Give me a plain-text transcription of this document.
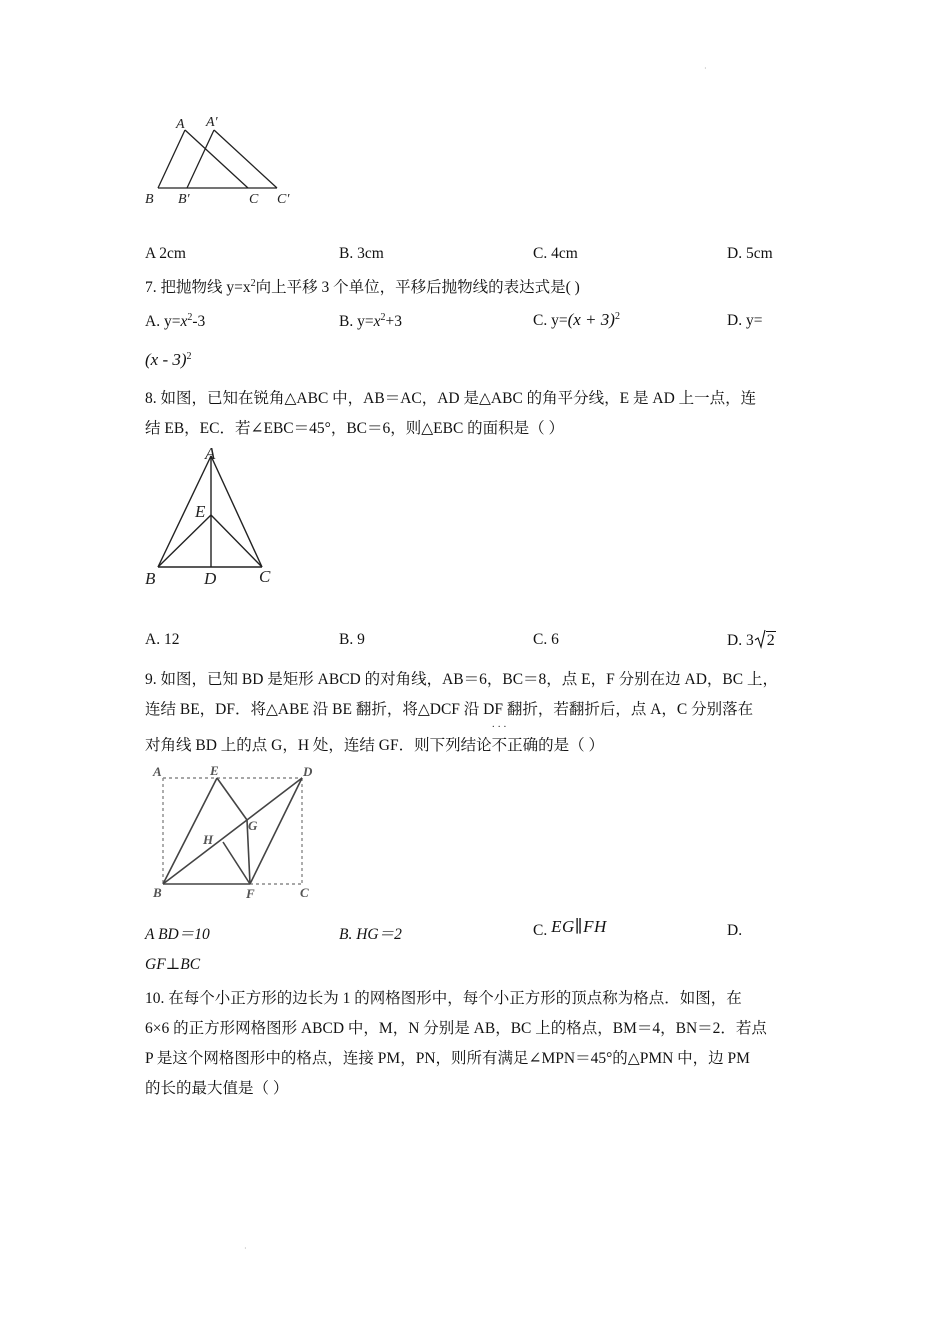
·
·
A A′
B B′	C C′
A 2cm	B. 3cm	C. 4cm	D. 5cm
7. 把抛物线 $y=x^2$向上平移 3 个单位，平移后抛物线的表达式是( )
A. $y=x^2-3$	B. $y=x^2+3$	C. $y=(x + 3)^2$	D. y=
(x - 3)$^2$
8. 如图，已知在锐角△ABC 中，AB＝AC，AD 是△ABC 的角平分线，E 是 AD 上一点，连
结 EB，EC．若∠EBC＝45°，BC＝6，则△EBC 的面积是（ ）
A
E
B	D	C
A. 12	B. 9	C. 6	D. 3 2
9. 如图，已知 BD 是矩形 ABCD 的对角线，AB＝6，BC＝8，点 E，F 分别在边 AD，BC 上，
连结 BE，DF．将△ABE 沿 BE 翻折，将△DCF 沿 DF 翻折，若翻折后，点 A，C 分别落在
对角线 BD 上的点 G，H 处，连结 GF．则下列结论不正确 · · ·的是（ ）
A	E	D
G
H
B	F	C
A BD＝10	B. HG＝2	C. EG∥FH	D.
GF⊥BC
10. 在每个小正方形的边长为 1 的网格图形中，每个小正方形的顶点称为格点．如图，在
6×6 的正方形网格图形 ABCD 中，M，N 分别是 AB，BC 上的格点，BM＝4，BN＝2．若点
P 是这个网格图形中的格点，连接 PM，PN，则所有满足∠MPN＝45°的△PMN 中，边 PM
的长的最大值是（ ）
